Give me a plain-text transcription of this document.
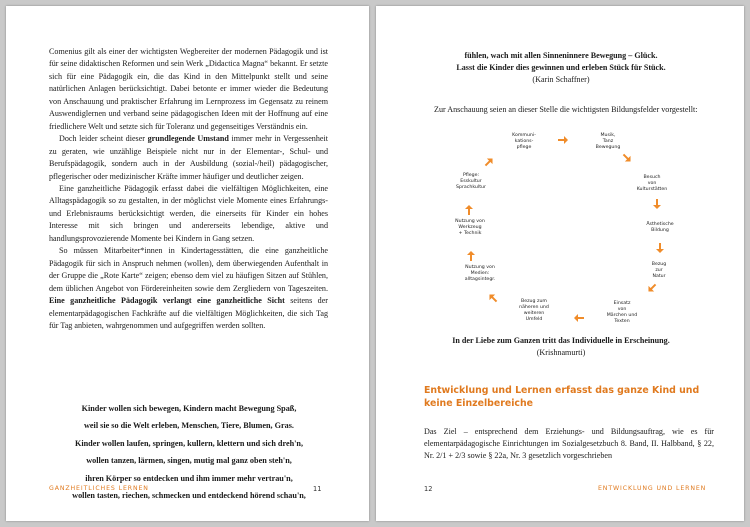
Comenius gilt als einer der wichtigsten Wegbereiter der modernen Pädagogik und ist für seine didaktischen Reformen und sein Werk „Didactica Magna“ bekannt. Er setzte sich für eine Pädagogik ein, die das Kind in den Mittelpunkt stellt und seine natürlichen Anlagen berücksichtigt. Dabei betonte er immer wieder die Bedeutung von Anschauung und praktischer Erfahrung im Lernprozess im Gegensatz zu reinem Auswendiglernen und verband seine pädagogischen Ideen mit der Hoffnung auf eine friedlichere Welt und setzte sich für Toleranz und gegenseitiges Verständnis ein.

Doch leider scheint dieser grundlegende Umstand immer mehr in Vergessenheit zu geraten, wie unzählige Beispiele nicht nur in der Elementar-, Schul- und Berufspädagogik, sondern auch in der Ausbildung (sozial-/heil) pädagogischer, pflegerischer oder medizinischer Kräfte immer häufiger und deutlicher zeigen.

Eine ganzheitliche Pädagogik erfasst dabei die vielfältigen Möglichkeiten, eine Alltagspädagogik so zu gestalten, in der möglichst viele Momente eines Erfahrungs- und Erlebnisraums berücksichtigt werden, die einerseits für Kinder ein hohes Interesse mit sich bringen und andererseits lebendige, aktive und handlungsprovozierende Momente bei Kindern in Gang setzen.

So müssen Mitarbeiter*innen in Kindertagesstätten, die eine ganzheitliche Pädagogik für sich in Anspruch nehmen (wollen), dem überwiegenden Aufenthalt in der Gruppe die „Rote Karte“ zeigen; ebenso dem viel zu häufigen Sitzen auf Stühlen, dem üblichen Angebot von Fördereinheiten sowie dem Zergliedern von Tageszeiten. Eine ganzheitliche Pädagogik verlangt eine ganzheitliche Sicht seitens der elementarpädagogischen Fachkräfte auf die vielfältigen Möglichkeiten, die sich Tag für Tag anbieten, wahrgenommen und aufgegriffen werden sollten.

Kinder wollen sich bewegen, Kindern macht Bewegung Spaß,
weil sie so die Welt erleben, Menschen, Tiere, Blumen, Gras.
Kinder wollen laufen, springen, kullern, klettern und sich dreh'n,
wollen tanzen, lärmen, singen, mutig mal ganz oben steh'n,
ihren Körper so entdecken und ihm immer mehr vertrau'n,
wollen tasten, riechen, schmecken und entdeckend hörend schau'n,
GANZHEITLICHES LERNEN	11
fühlen, wach mit allen Sinneninnere Bewegung – Glück.
Lasst die Kinder dies gewinnen und erleben Stück für Stück.
(Karin Schaffner)

Zur Anschauung seien an dieser Stelle die wichtigsten Bildungsfelder vorgestellt:

Kommuni-
kations-
pflege
Musik,
Tanz
Bewegung
Besuch
von
Kulturstätten
Ästhetische
Bildung
Bezug
zur
Natur
Einsatz
von
Märchen und
Texten
Bezug zum
näheren und
weiteren
Umfeld
Nutzung von
Medien:
alltagsintegr.
Nutzung von
Werkzeug
+ Technik
Pflege:
Esskultur
Sprachkultur
In der Liebe zum Ganzen tritt das Individuelle in Erscheinung.
(Krishnamurti)
Entwicklung und Lernen erfasst das ganze Kind und keine Einzelbereiche

Das Ziel – entsprechend dem Erziehungs- und Bildungsauftrag, wie es für elementarpädagogische Einrichtungen im Sozialgesetzbuch 8. Band, II. Halbband, § 22, Nr. 2/1 + 2/3 sowie § 22a, Nr. 3 gesetzlich vorgeschrieben

12	ENTWICKLUNG UND LERNEN
